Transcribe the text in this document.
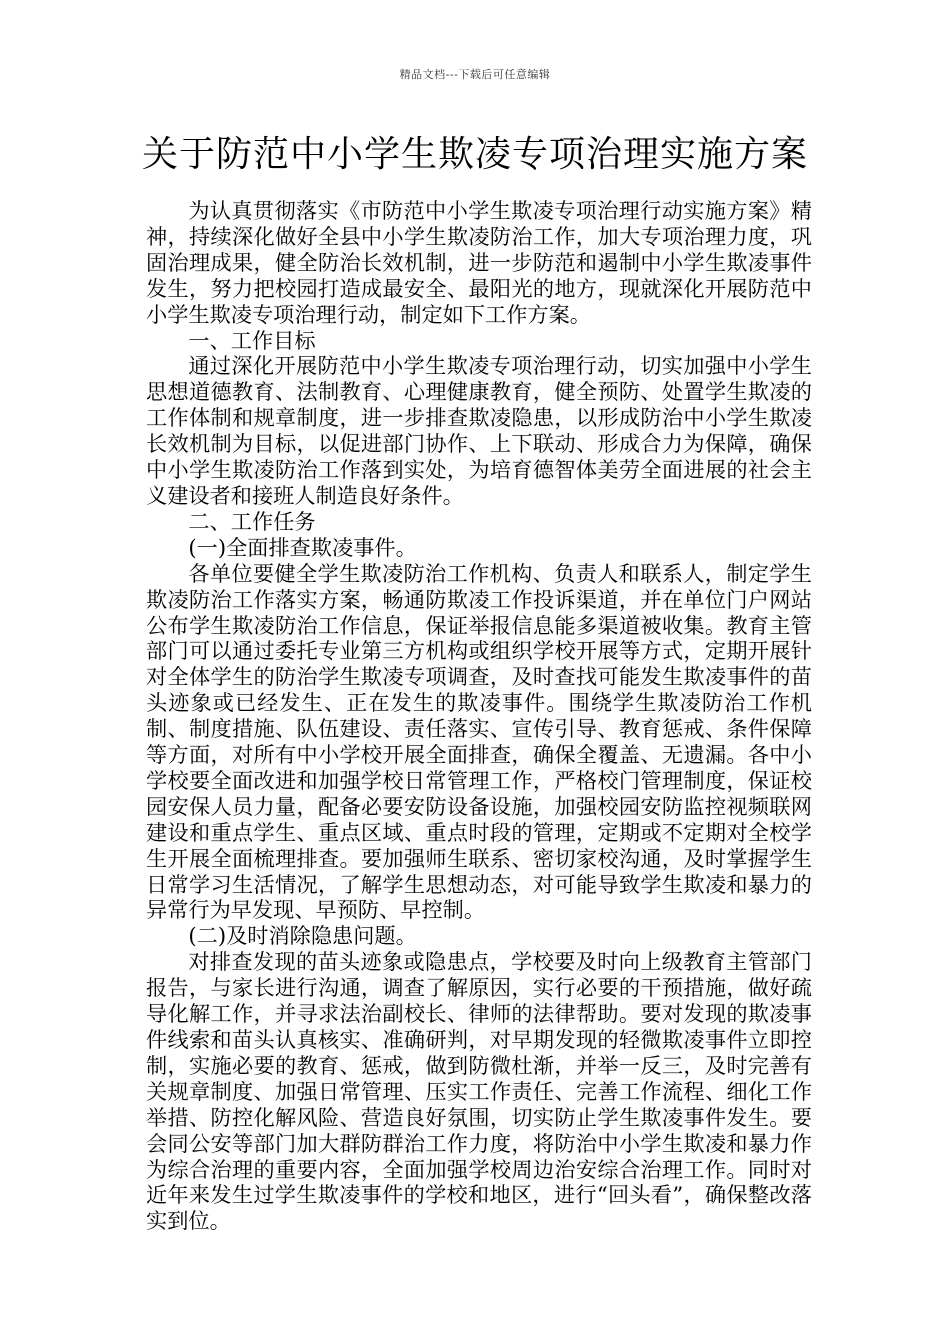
精品文档---下载后可任意编辑
关于防范中小学生欺凌专项治理实施方案

为认真贯彻落实《市防范中小学生欺凌专项治理行动实施方案》精神，持续深化做好全县中小学生欺凌防治工作，加大专项治理力度，巩固治理成果，健全防治长效机制，进一步防范和遏制中小学生欺凌事件发生，努力把校园打造成最安全、最阳光的地方，现就深化开展防范中小学生欺凌专项治理行动，制定如下工作方案。

一、工作目标

通过深化开展防范中小学生欺凌专项治理行动，切实加强中小学生思想道德教育、法制教育、心理健康教育，健全预防、处置学生欺凌的工作体制和规章制度，进一步排查欺凌隐患，以形成防治中小学生欺凌长效机制为目标，以促进部门协作、上下联动、形成合力为保障，确保中小学生欺凌防治工作落到实处，为培育德智体美劳全面进展的社会主义建设者和接班人制造良好条件。

二、工作任务

(一)全面排查欺凌事件。

各单位要健全学生欺凌防治工作机构、负责人和联系人，制定学生欺凌防治工作落实方案，畅通防欺凌工作投诉渠道，并在单位门户网站公布学生欺凌防治工作信息，保证举报信息能多渠道被收集。教育主管部门可以通过委托专业第三方机构或组织学校开展等方式，定期开展针对全体学生的防治学生欺凌专项调查，及时查找可能发生欺凌事件的苗头迹象或已经发生、正在发生的欺凌事件。围绕学生欺凌防治工作机制、制度措施、队伍建设、责任落实、宣传引导、教育惩戒、条件保障等方面，对所有中小学校开展全面排查，确保全覆盖、无遗漏。各中小学校要全面改进和加强学校日常管理工作，严格校门管理制度，保证校园安保人员力量，配备必要安防设备设施，加强校园安防监控视频联网建设和重点学生、重点区域、重点时段的管理，定期或不定期对全校学生开展全面梳理排查。要加强师生联系、密切家校沟通，及时掌握学生日常学习生活情况，了解学生思想动态，对可能导致学生欺凌和暴力的异常行为早发现、早预防、早控制。

(二)及时消除隐患问题。

对排查发现的苗头迹象或隐患点，学校要及时向上级教育主管部门报告，与家长进行沟通，调查了解原因，实行必要的干预措施，做好疏导化解工作，并寻求法治副校长、律师的法律帮助。要对发现的欺凌事件线索和苗头认真核实、准确研判，对早期发现的轻微欺凌事件立即控制，实施必要的教育、惩戒，做到防微杜渐，并举一反三，及时完善有关规章制度、加强日常管理、压实工作责任、完善工作流程、细化工作举措、防控化解风险、营造良好氛围，切实防止学生欺凌事件发生。要会同公安等部门加大群防群治工作力度，将防治中小学生欺凌和暴力作为综合治理的重要内容，全面加强学校周边治安综合治理工作。同时对近年来发生过学生欺凌事件的学校和地区，进行“回头看”，确保整改落实到位。
